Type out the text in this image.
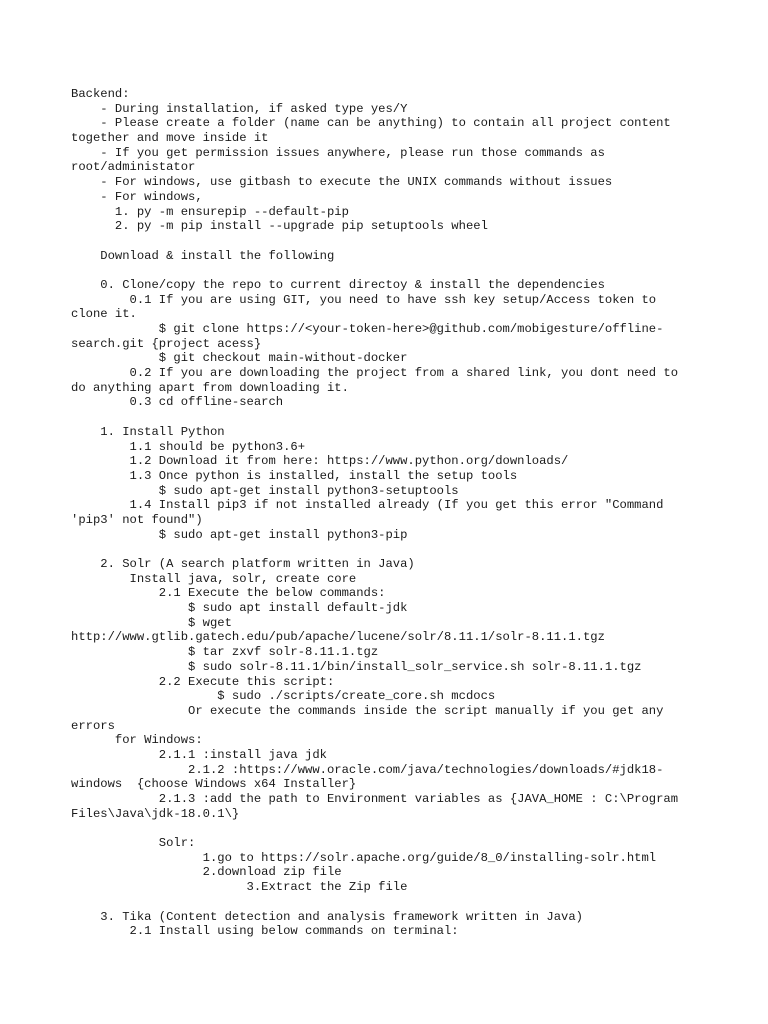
Backend:
- During installation, if asked type yes/Y
- Please create a folder (name can be anything) to contain all project content
together and move inside it
- If you get permission issues anywhere, please run those commands as
root/administator
- For windows, use gitbash to execute the UNIX commands without issues
- For windows,
1. py -m ensurepip --default-pip
2. py -m pip install --upgrade pip setuptools wheel
Download & install the following
0. Clone/copy the repo to current directoy & install the dependencies
0.1 If you are using GIT, you need to have ssh key setup/Access token to
clone it.
$ git clone https://<your-token-here>@github.com/mobigesture/offline-
search.git {project acess}
$ git checkout main-without-docker
0.2 If you are downloading the project from a shared link, you dont need to
do anything apart from downloading it.
0.3 cd offline-search
1. Install Python
1.1 should be python3.6+
1.2 Download it from here: https://www.python.org/downloads/
1.3 Once python is installed, install the setup tools
$ sudo apt-get install python3-setuptools
1.4 Install pip3 if not installed already (If you get this error "Command
'pip3' not found")
$ sudo apt-get install python3-pip
2. Solr (A search platform written in Java)
Install java, solr, create core
2.1 Execute the below commands:
$ sudo apt install default-jdk
$ wget
http://www.gtlib.gatech.edu/pub/apache/lucene/solr/8.11.1/solr-8.11.1.tgz
$ tar zxvf solr-8.11.1.tgz
$ sudo solr-8.11.1/bin/install_solr_service.sh solr-8.11.1.tgz
2.2 Execute this script:
$ sudo ./scripts/create_core.sh mcdocs
Or execute the commands inside the script manually if you get any
errors
for Windows:
2.1.1 :install java jdk
2.1.2 :https://www.oracle.com/java/technologies/downloads/#jdk18-
windows  {choose Windows x64 Installer}
2.1.3 :add the path to Environment variables as {JAVA_HOME : C:\Program
Files\Java\jdk-18.0.1\}
Solr:
1.go to https://solr.apache.org/guide/8_0/installing-solr.html
2.download zip file
3.Extract the Zip file
3. Tika (Content detection and analysis framework written in Java)
2.1 Install using below commands on terminal:
